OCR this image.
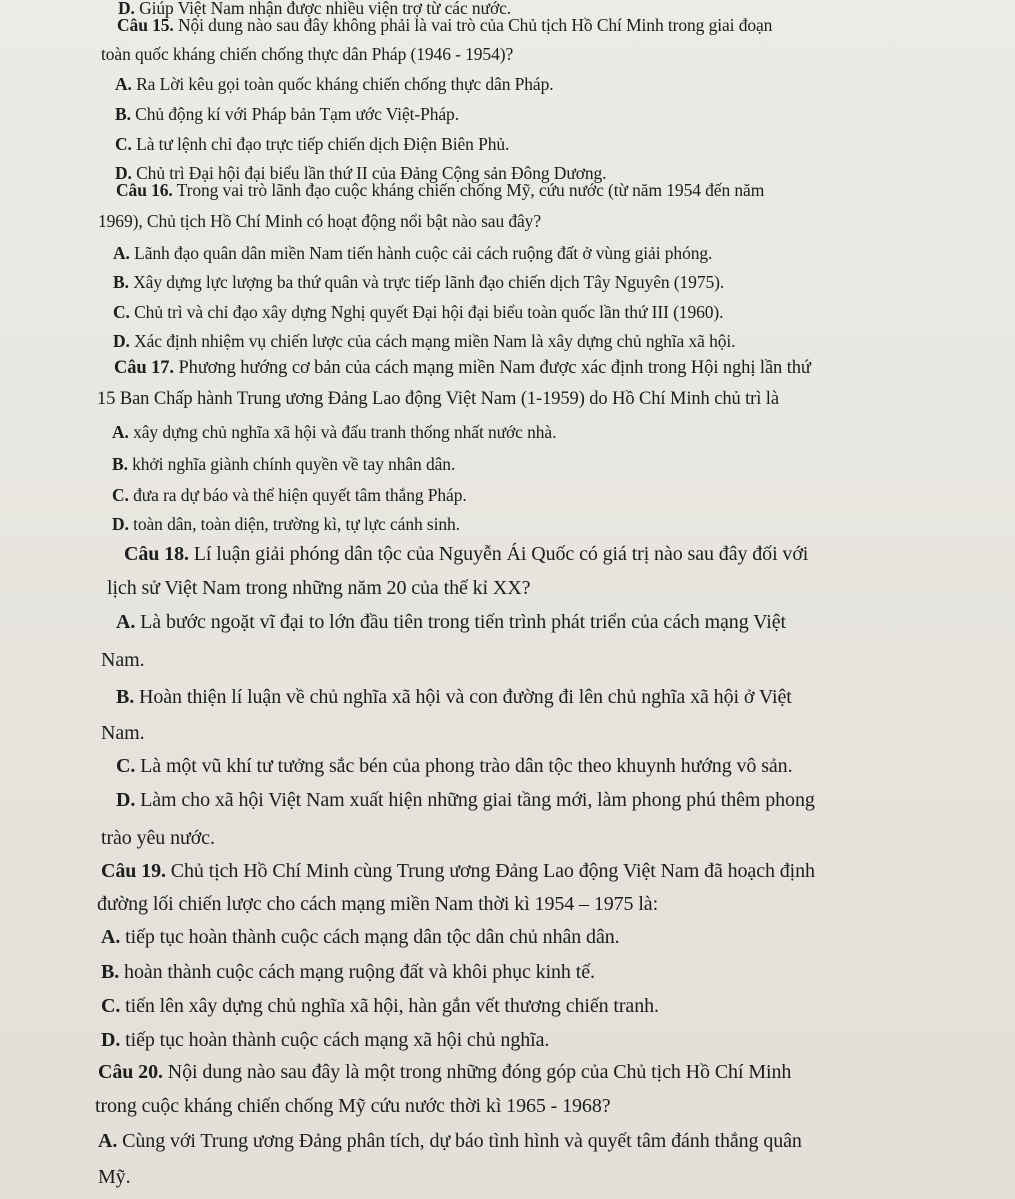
D. Giúp Việt Nam nhận được nhiều viện trợ từ các nước.
Câu 15. Nội dung nào sau đây không phải là vai trò của Chủ tịch Hồ Chí Minh trong giai đoạn
toàn quốc kháng chiến chống thực dân Pháp (1946 - 1954)?
A. Ra Lời kêu gọi toàn quốc kháng chiến chống thực dân Pháp.
B. Chủ động kí với Pháp bản Tạm ước Việt-Pháp.
C. Là tư lệnh chỉ đạo trực tiếp chiến dịch Điện Biên Phủ.
D. Chủ trì Đại hội đại biểu lần thứ II của Đảng Cộng sản Đông Dương.
Câu 16. Trong vai trò lãnh đạo cuộc kháng chiến chống Mỹ, cứu nước (từ năm 1954 đến năm
1969), Chủ tịch Hồ Chí Minh có hoạt động nổi bật nào sau đây?
A. Lãnh đạo quân dân miền Nam tiến hành cuộc cải cách ruộng đất ở vùng giải phóng.
B. Xây dựng lực lượng ba thứ quân và trực tiếp lãnh đạo chiến dịch Tây Nguyên (1975).
C. Chủ trì và chỉ đạo xây dựng Nghị quyết Đại hội đại biểu toàn quốc lần thứ III (1960).
D. Xác định nhiệm vụ chiến lược của cách mạng miền Nam là xây dựng chủ nghĩa xã hội.
Câu 17. Phương hướng cơ bản của cách mạng miền Nam được xác định trong Hội nghị lần thứ
15 Ban Chấp hành Trung ương Đảng Lao động Việt Nam (1-1959) do Hồ Chí Minh chủ trì là
A. xây dựng chủ nghĩa xã hội và đấu tranh thống nhất nước nhà.
B. khởi nghĩa giành chính quyền về tay nhân dân.
C. đưa ra dự báo và thể hiện quyết tâm thắng Pháp.
D. toàn dân, toàn diện, trường kì, tự lực cánh sinh.
Câu 18. Lí luận giải phóng dân tộc của Nguyễn Ái Quốc có giá trị nào sau đây đối với
lịch sử Việt Nam trong những năm 20 của thế kỉ XX?
A. Là bước ngoặt vĩ đại to lớn đầu tiên trong tiến trình phát triển của cách mạng Việt
Nam.
B. Hoàn thiện lí luận về chủ nghĩa xã hội và con đường đi lên chủ nghĩa xã hội ở Việt
Nam.
C. Là một vũ khí tư tưởng sắc bén của phong trào dân tộc theo khuynh hướng vô sản.
D. Làm cho xã hội Việt Nam xuất hiện những giai tầng mới, làm phong phú thêm phong
trào yêu nước.
Câu 19. Chủ tịch Hồ Chí Minh cùng Trung ương Đảng Lao động Việt Nam đã hoạch định
đường lối chiến lược cho cách mạng miền Nam thời kì 1954 – 1975 là:
A. tiếp tục hoàn thành cuộc cách mạng dân tộc dân chủ nhân dân.
B. hoàn thành cuộc cách mạng ruộng đất và khôi phục kinh tế.
C. tiến lên xây dựng chủ nghĩa xã hội, hàn gắn vết thương chiến tranh.
D. tiếp tục hoàn thành cuộc cách mạng xã hội chủ nghĩa.
Câu 20. Nội dung nào sau đây là một trong những đóng góp của Chủ tịch Hồ Chí Minh
trong cuộc kháng chiến chống Mỹ cứu nước thời kì 1965 - 1968?
A. Cùng với Trung ương Đảng phân tích, dự báo tình hình và quyết tâm đánh thắng quân
Mỹ.
